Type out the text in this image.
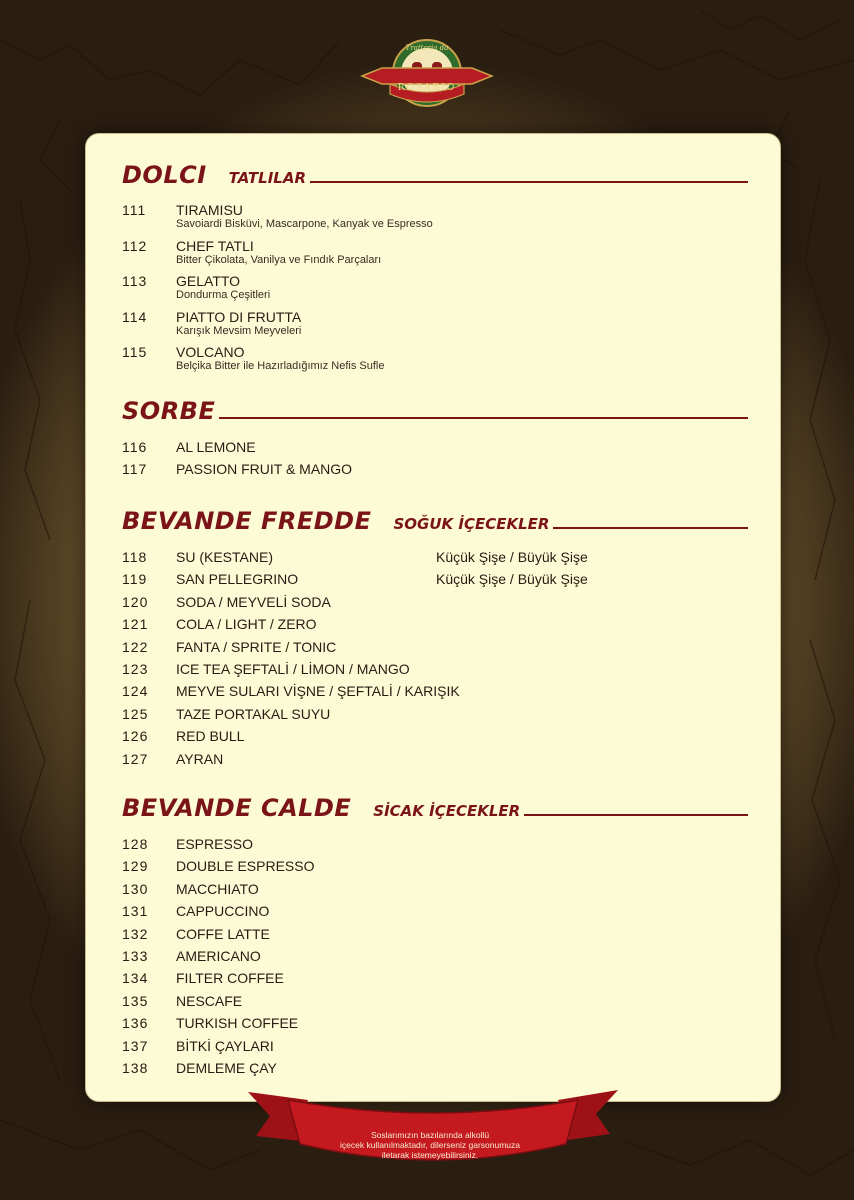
Trattoria da
ROSARIO
DOLCI TATLILAR
111	TIRAMISU
Savoiardi Bisküvi, Mascarpone, Kanyak ve Espresso
112	CHEF TATLI
Bitter Çikolata, Vanilya ve Fındık Parçaları
113	GELATTO
Dondurma Çeşitleri
114	PIATTO DI FRUTTA
Karışık Mevsim Meyveleri
115	VOLCANO
Belçika Bitter ile Hazırladığımız Nefis Sufle
SORBE
116	AL LEMONE
117	PASSION FRUIT & MANGO
BEVANDE FREDDE SOĞUK İÇECEKLER
118	SU (KESTANE)	Küçük Şişe / Büyük Şişe
119	SAN PELLEGRINO	Küçük Şişe / Büyük Şişe
120	SODA / MEYVELİ SODA
121	COLA / LIGHT / ZERO
122	FANTA / SPRITE / TONIC
123	ICE TEA ŞEFTALİ / LİMON / MANGO
124	MEYVE SULARI VİŞNE / ŞEFTALİ / KARIŞIK
125	TAZE PORTAKAL SUYU
126	RED BULL
127	AYRAN
BEVANDE CALDE SİCAK İÇECEKLER
128	ESPRESSO
129	DOUBLE ESPRESSO
130	MACCHIATO
131	CAPPUCCINO
132	COFFE LATTE
133	AMERICANO
134	FILTER COFFEE
135	NESCAFE
136	TURKISH COFFEE
137	BİTKİ ÇAYLARI
138	DEMLEME ÇAY
Soslarımızın bazılarında alkollü
içecek kullanılmaktadır, dilerseniz garsonumuza
iletarak istemeyebilirsiniz.
